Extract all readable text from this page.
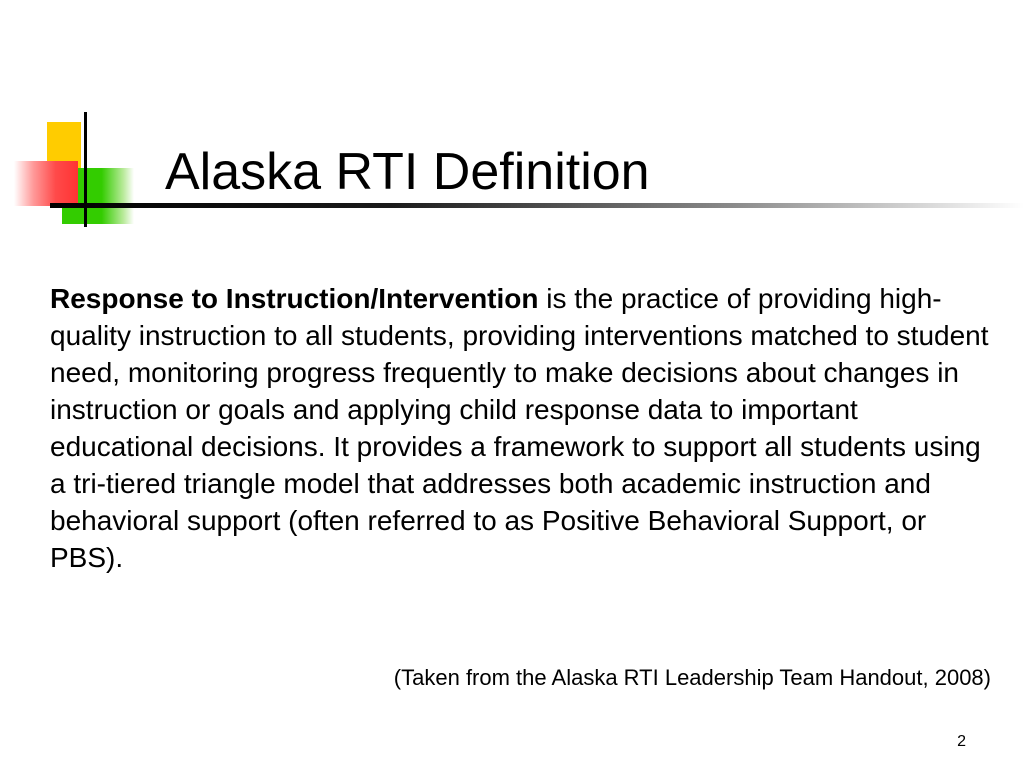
Alaska RTI Definition

Response to Instruction/Intervention is the practice of providing high-quality instruction to all students, providing interventions matched to student need, monitoring progress frequently to make decisions about changes in instruction or goals and applying child response data to important educational decisions. It provides a framework to support all students using a tri-tiered triangle model that addresses both academic instruction and behavioral support (often referred to as Positive Behavioral Support, or PBS).

(Taken from the Alaska RTI Leadership Team Handout, 2008)

2
